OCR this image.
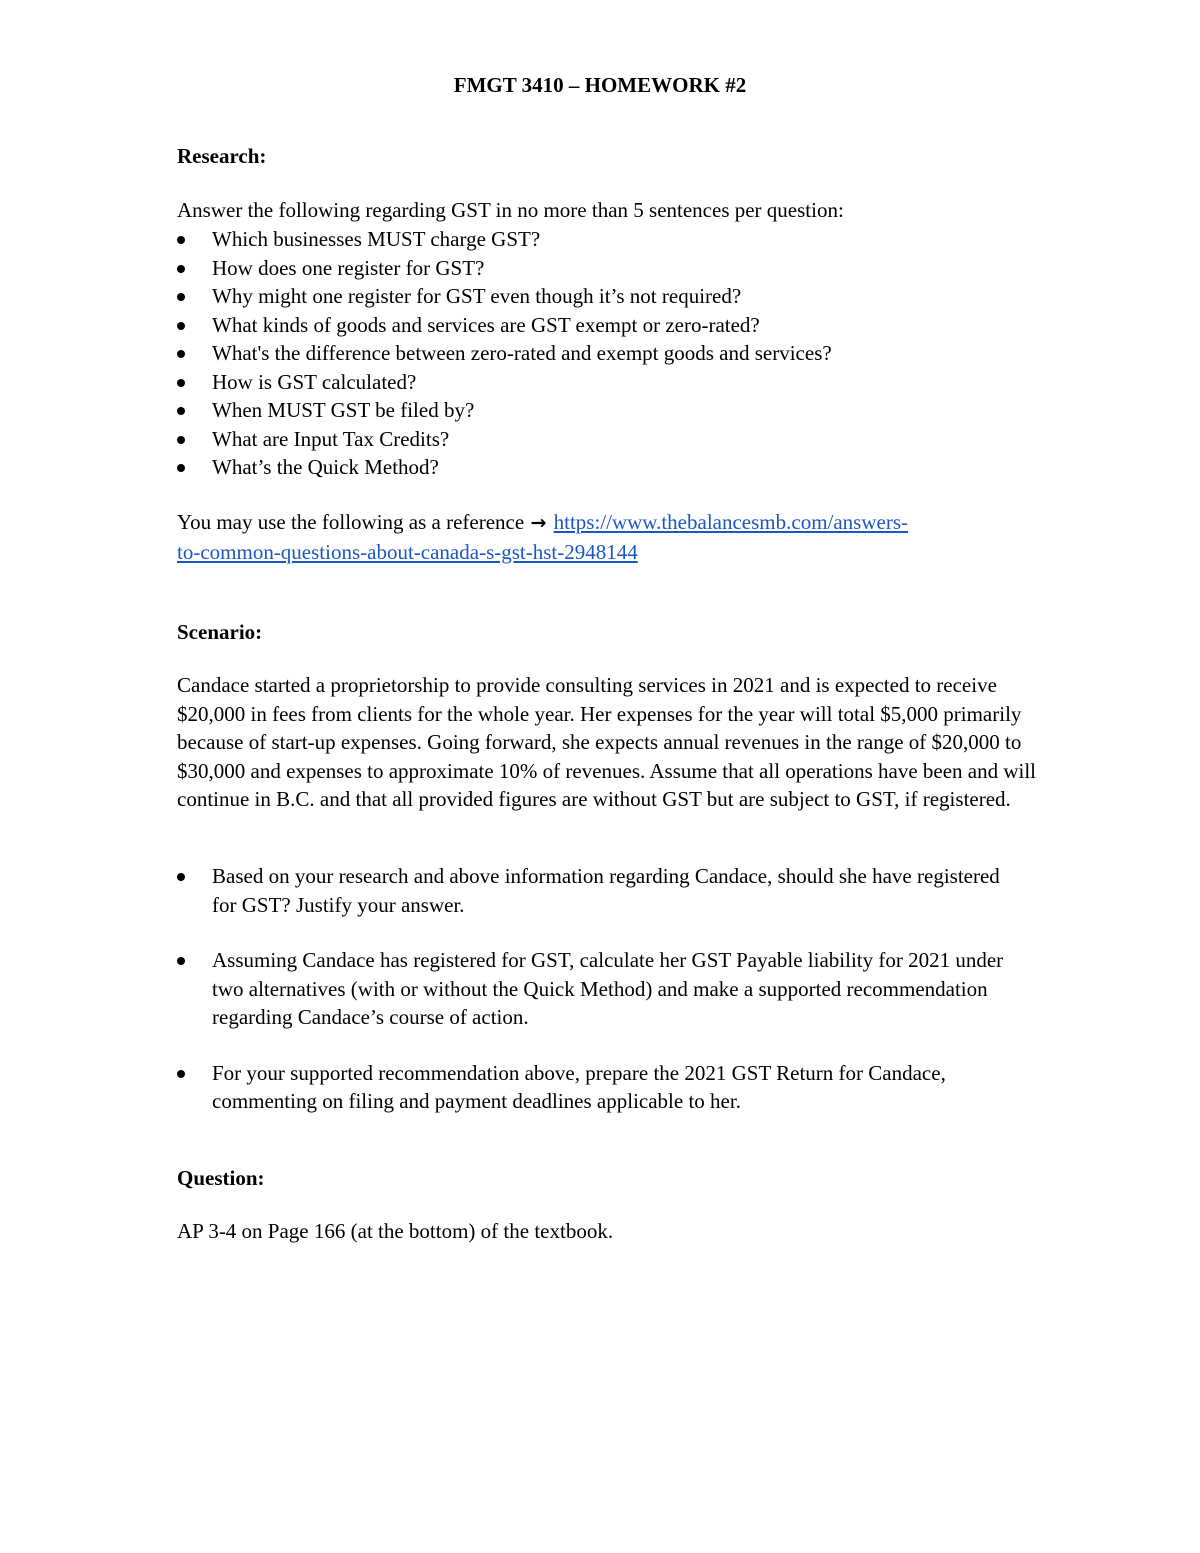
FMGT 3410 – HOMEWORK #2
Research:

Answer the following regarding GST in no more than 5 sentences per question:

Which businesses MUST charge GST?
How does one register for GST?
Why might one register for GST even though it’s not required?
What kinds of goods and services are GST exempt or zero-rated?
What's the difference between zero-rated and exempt goods and services?
How is GST calculated?
When MUST GST be filed by?
What are Input Tax Credits?
What’s the Quick Method?

You may use the following as a reference → https://www.thebalancesmb.com/answers-
to-common-questions-about-canada-s-gst-hst-2948144

Scenario:

Candace started a proprietorship to provide consulting services in 2021 and is expected to receive $20,000 in fees from clients for the whole year. Her expenses for the year will total $5,000 primarily because of start-up expenses. Going forward, she expects annual revenues in the range of $20,000 to $30,000 and expenses to approximate 10% of revenues. Assume that all operations have been and will continue in B.C. and that all provided figures are without GST but are subject to GST, if registered.

Based on your research and above information regarding Candace, should she have registered for GST? Justify your answer.
Assuming Candace has registered for GST, calculate her GST Payable liability for 2021 under two alternatives (with or without the Quick Method) and make a supported recommendation regarding Candace’s course of action.
For your supported recommendation above, prepare the 2021 GST Return for Candace, commenting on filing and payment deadlines applicable to her.
Question:

AP 3-4 on Page 166 (at the bottom) of the textbook.
